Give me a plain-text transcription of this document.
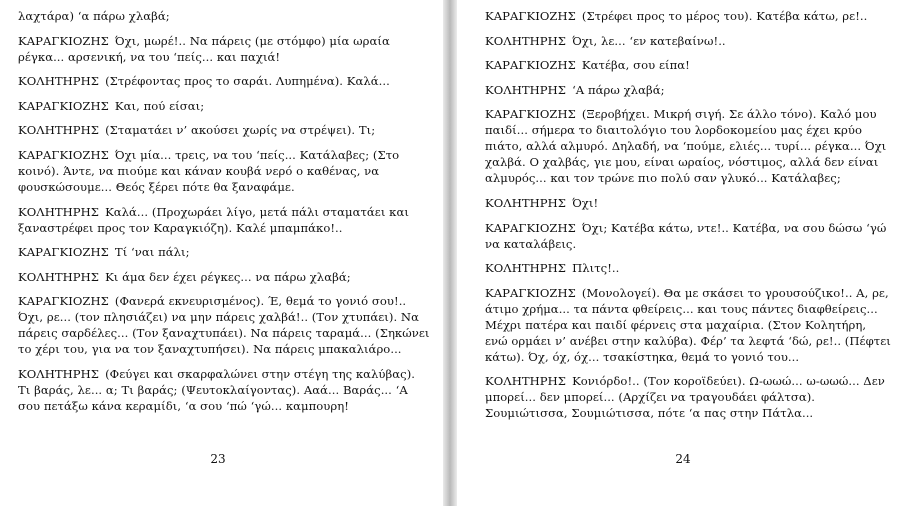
λαχτάρα) ‘α πάρω χλαβά;

ΚΑΡΑΓΚΙΟΖΗΣ Όχι, μωρέ!.. Να πάρεις (με στόμφο) μία ωραία ρέγκα... αρσενική, να του ‘πείς... και παχιά!

ΚΟΛΗΤΗΡΗΣ (Στρέφοντας προς το σαράι. Λυπημένα). Καλά...

ΚΑΡΑΓΚΙΟΖΗΣ Και, πού είσαι;

ΚΟΛΗΤΗΡΗΣ (Σταματάει ν’ ακούσει χωρίς να στρέψει). Τι;

ΚΑΡΑΓΚΙΟΖΗΣ Όχι μία... τρεις, να του ‘πείς... Κατάλαβες; (Στο κοινό). Άντε, να πιούμε και κάναν κουβά νερό ο καθένας, να φουσκώσουμε... Θεός ξέρει πότε θα ξαναφάμε.

ΚΟΛΗΤΗΡΗΣ Καλά... (Προχωράει λίγο, μετά πάλι σταματάει και ξαναστρέφει προς τον Καραγκιόζη). Καλέ μπαμπάκο!..

ΚΑΡΑΓΚΙΟΖΗΣ Τί ‘ναι πάλι;

ΚΟΛΗΤΗΡΗΣ Κι άμα δεν έχει ρέγκες... να πάρω χλαβά;

ΚΑΡΑΓΚΙΟΖΗΣ (Φανερά εκνευρισμένος). Έ, θεμά το γονιό σου!.. Όχι, ρε... (τον πλησιάζει) να μην πάρεις χαλβά!.. (Τον χτυπάει). Να πάρεις σαρδέλες... (Τον ξαναχτυπάει). Να πάρεις ταραμά... (Σηκώνει το χέρι του, για να τον ξαναχτυπήσει). Να πάρεις μπακαλιάρο...

ΚΟΛΗΤΗΡΗΣ (Φεύγει και σκαρφαλώνει στην στέγη της καλύβας). Τι βαράς, λε... α; Τι βαράς; (Ψευτοκλαίγοντας). Ααά... Βαράς... ‘Α σου πετάξω κάνα κεραμίδι, ‘α σου ‘πώ ‘γώ... καμπουρη!

23

ΚΑΡΑΓΚΙΟΖΗΣ (Στρέφει προς το μέρος του). Κατέβα κάτω, ρε!..

ΚΟΛΗΤΗΡΗΣ Όχι, λε... ‘εν κατεβαίνω!..

ΚΑΡΑΓΚΙΟΖΗΣ Κατέβα, σου είπα!

ΚΟΛΗΤΗΡΗΣ ‘Α πάρω χλαβά;

ΚΑΡΑΓΚΙΟΖΗΣ (Ξεροβήχει. Μικρή σιγή. Σε άλλο τόνο). Καλό μου παιδί... σήμερα το διαιτολόγιο του λορδοκομείου μας έχει κρύο πιάτο, αλλά αλμυρό. Δηλαδή, να ‘πούμε, ελιές... τυρί... ρέγκα... Όχι χαλβά. Ο χαλβάς, γιε μου, είναι ωραίος, νόστιμος, αλλά δεν είναι αλμυρός... και τον τρώνε πιο πολύ σαν γλυκό... Κατάλαβες;

ΚΟΛΗΤΗΡΗΣ Όχι!

ΚΑΡΑΓΚΙΟΖΗΣ Όχι; Κατέβα κάτω, ντε!.. Κατέβα, να σου δώσω ‘γώ να καταλάβεις.

ΚΟΛΗΤΗΡΗΣ Πλιτς!..

ΚΑΡΑΓΚΙΟΖΗΣ (Μονολογεί). Θα με σκάσει το γρουσούζικο!.. Α, ρε, άτιμο χρήμα... τα πάντα φθείρεις... και τους πάντες διαφθείρεις... Μέχρι πατέρα και παιδί φέρνεις στα μαχαίρια. (Στον Κολητήρη, ενώ ορμάει ν’ ανέβει στην καλύβα). Φέρ’ τα λεφτά ‘δώ, ρε!.. (Πέφτει κάτω). Όχ, όχ, όχ... τσακίστηκα, θεμά το γονιό του...

ΚΟΛΗΤΗΡΗΣ Κονιόρδο!.. (Τον κοροϊδεύει). Ω-ωωώ... ω-ωωώ... Δεν μπορεί... δεν μπορεί... (Αρχίζει να τραγουδάει φάλτσα). Σουμιώτισσα, Σουμιώτισσα, πότε ‘α πας στην Πάτλα...

24
